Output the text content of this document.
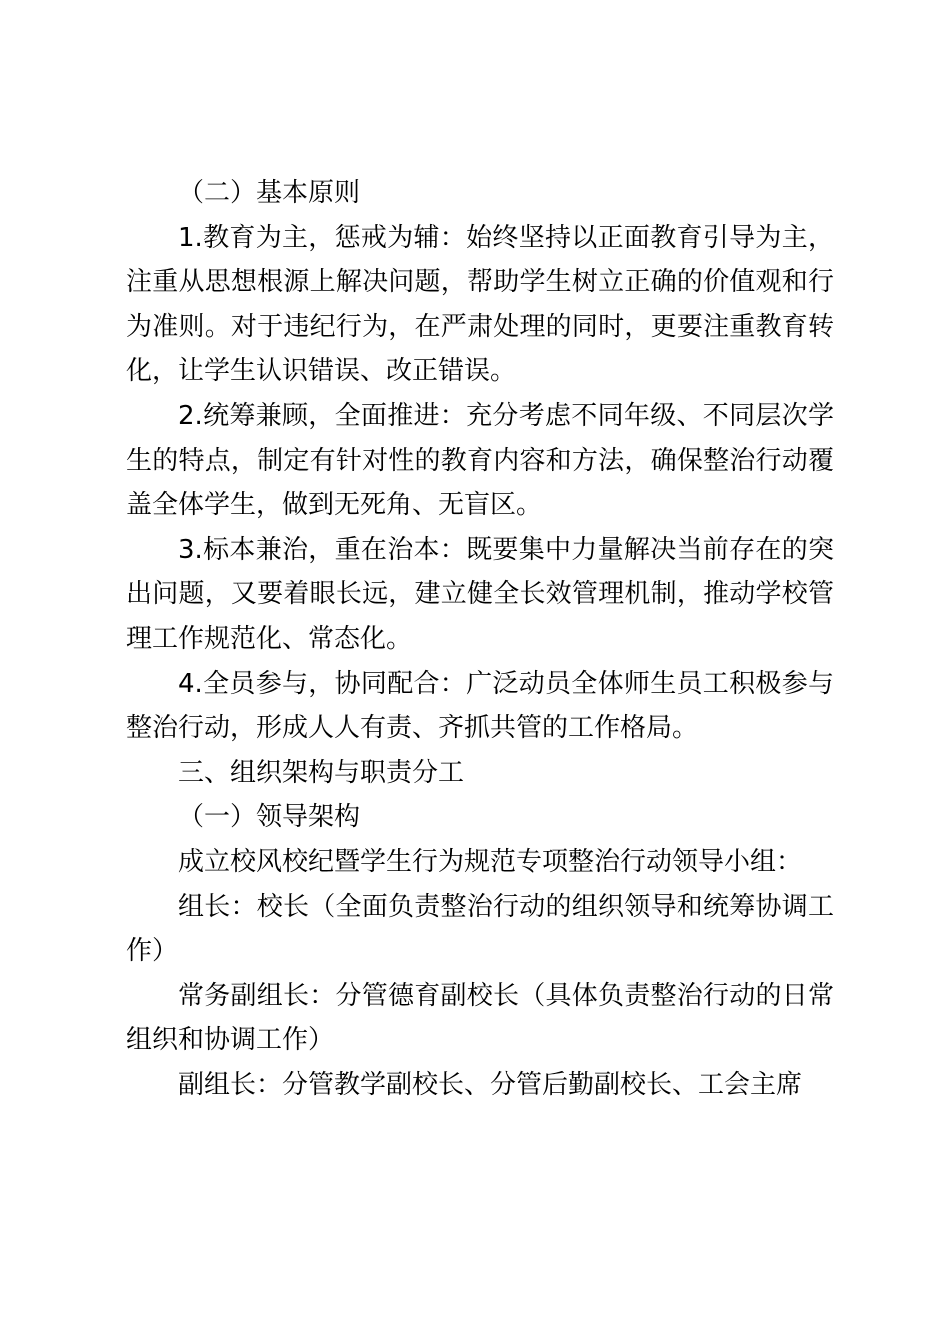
（二）基本原则

1.教育为主，惩戒为辅：始终坚持以正面教育引导为主，注重从思想根源上解决问题，帮助学生树立正确的价值观和行为准则。对于违纪行为，在严肃处理的同时，更要注重教育转化，让学生认识错误、改正错误。

2.统筹兼顾，全面推进：充分考虑不同年级、不同层次学生的特点，制定有针对性的教育内容和方法，确保整治行动覆盖全体学生，做到无死角、无盲区。

3.标本兼治，重在治本：既要集中力量解决当前存在的突出问题，又要着眼长远，建立健全长效管理机制，推动学校管理工作规范化、常态化。

4.全员参与，协同配合：广泛动员全体师生员工积极参与整治行动，形成人人有责、齐抓共管的工作格局。

三、组织架构与职责分工

（一）领导架构

成立校风校纪暨学生行为规范专项整治行动领导小组：

组长：校长（全面负责整治行动的组织领导和统筹协调工作）

常务副组长：分管德育副校长（具体负责整治行动的日常组织和协调工作）

副组长：分管教学副校长、分管后勤副校长、工会主席
